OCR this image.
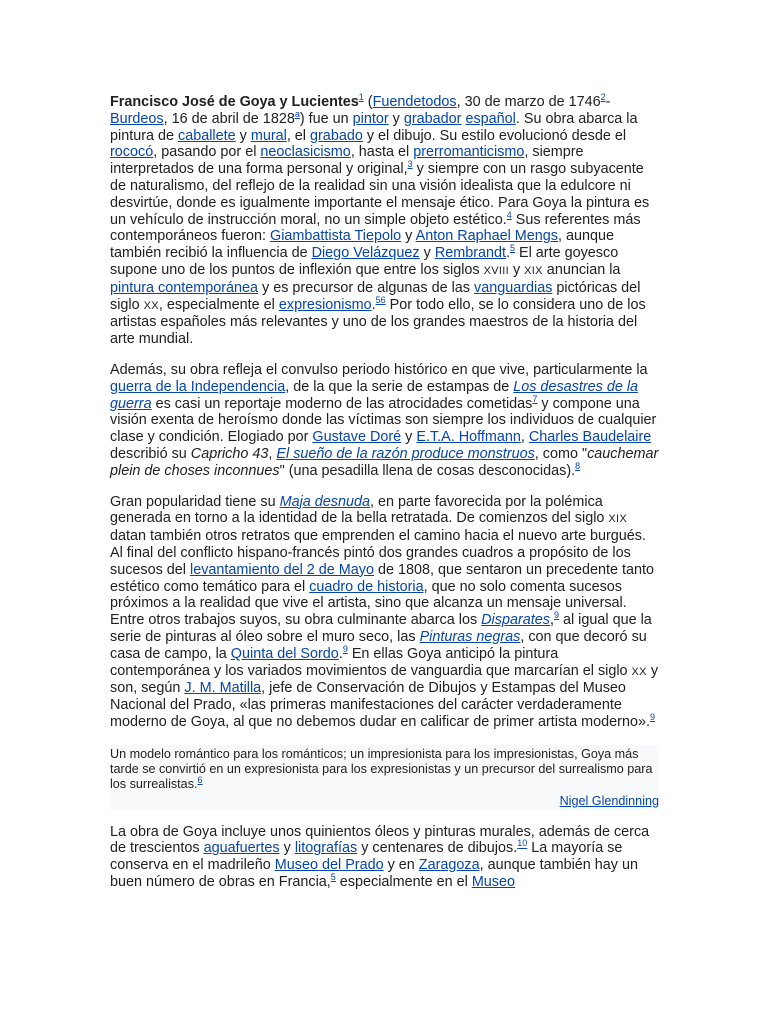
Francisco José de Goya y Lucientes$^1$ (Fuendetodos, 30 de marzo de 1746$^2$-Burdeos, 16 de abril de 1828$^a$) fue un pintor y grabador español. Su obra abarca la pintura de caballete y mural, el grabado y el dibujo. Su estilo evolucionó desde el rococó, pasando por el neoclasicismo, hasta el prerromanticismo, siempre interpretados de una forma personal y original,$^3$ y siempre con un rasgo subyacente de naturalismo, del reflejo de la realidad sin una visión idealista que la edulcore ni desvirtúe, donde es igualmente importante el mensaje ético. Para Goya la pintura es un vehículo de instrucción moral, no un simple objeto estético.$^4$ Sus referentes más contemporáneos fueron: Giambattista Tiepolo y Anton Raphael Mengs, aunque también recibió la influencia de Diego Velázquez y Rembrandt.$^5$ El arte goyesco supone uno de los puntos de inflexión que entre los siglos XVIII y XIX anuncian la pintura contemporánea y es precursor de algunas de las vanguardias pictóricas del siglo XX, especialmente el expresionismo.$^{56}$ Por todo ello, se lo considera uno de los artistas españoles más relevantes y uno de los grandes maestros de la historia del arte mundial.

Además, su obra refleja el convulso periodo histórico en que vive, particularmente la guerra de la Independencia, de la que la serie de estampas de Los desastres de la guerra es casi un reportaje moderno de las atrocidades cometidas$^7$ y compone una visión exenta de heroísmo donde las víctimas son siempre los individuos de cualquier clase y condición. Elogiado por Gustave Doré y E.T.A. Hoffmann, Charles Baudelaire describió su Capricho 43, El sueño de la razón produce monstruos, como "cauchemar plein de choses inconnues" (una pesadilla llena de cosas desconocidas).$^8$

Gran popularidad tiene su Maja desnuda, en parte favorecida por la polémica generada en torno a la identidad de la bella retratada. De comienzos del siglo XIX datan también otros retratos que emprenden el camino hacia el nuevo arte burgués. Al final del conflicto hispano-francés pintó dos grandes cuadros a propósito de los sucesos del levantamiento del 2 de Mayo de 1808, que sentaron un precedente tanto estético como temático para el cuadro de historia, que no solo comenta sucesos próximos a la realidad que vive el artista, sino que alcanza un mensaje universal. Entre otros trabajos suyos, su obra culminante abarca los Disparates,$^9$ al igual que la serie de pinturas al óleo sobre el muro seco, las Pinturas negras, con que decoró su casa de campo, la Quinta del Sordo.$^9$ En ellas Goya anticipó la pintura contemporánea y los variados movimientos de vanguardia que marcarían el siglo XX y son, según J. M. Matilla, jefe de Conservación de Dibujos y Estampas del Museo Nacional del Prado, «las primeras manifestaciones del carácter verdaderamente moderno de Goya, al que no debemos dudar en calificar de primer artista moderno».$^9$

Un modelo romántico para los románticos; un impresionista para los impresionistas, Goya más tarde se convirtió en un expresionista para los expresionistas y un precursor del surrealismo para los surrealistas.$^6$
Nigel Glendinning

La obra de Goya incluye unos quinientos óleos y pinturas murales, además de cerca de trescientos aguafuertes y litografías y centenares de dibujos.$^{10}$ La mayoría se conserva en el madrileño Museo del Prado y en Zaragoza, aunque también hay un buen número de obras en Francia,$^5$ especialmente en el Museo
